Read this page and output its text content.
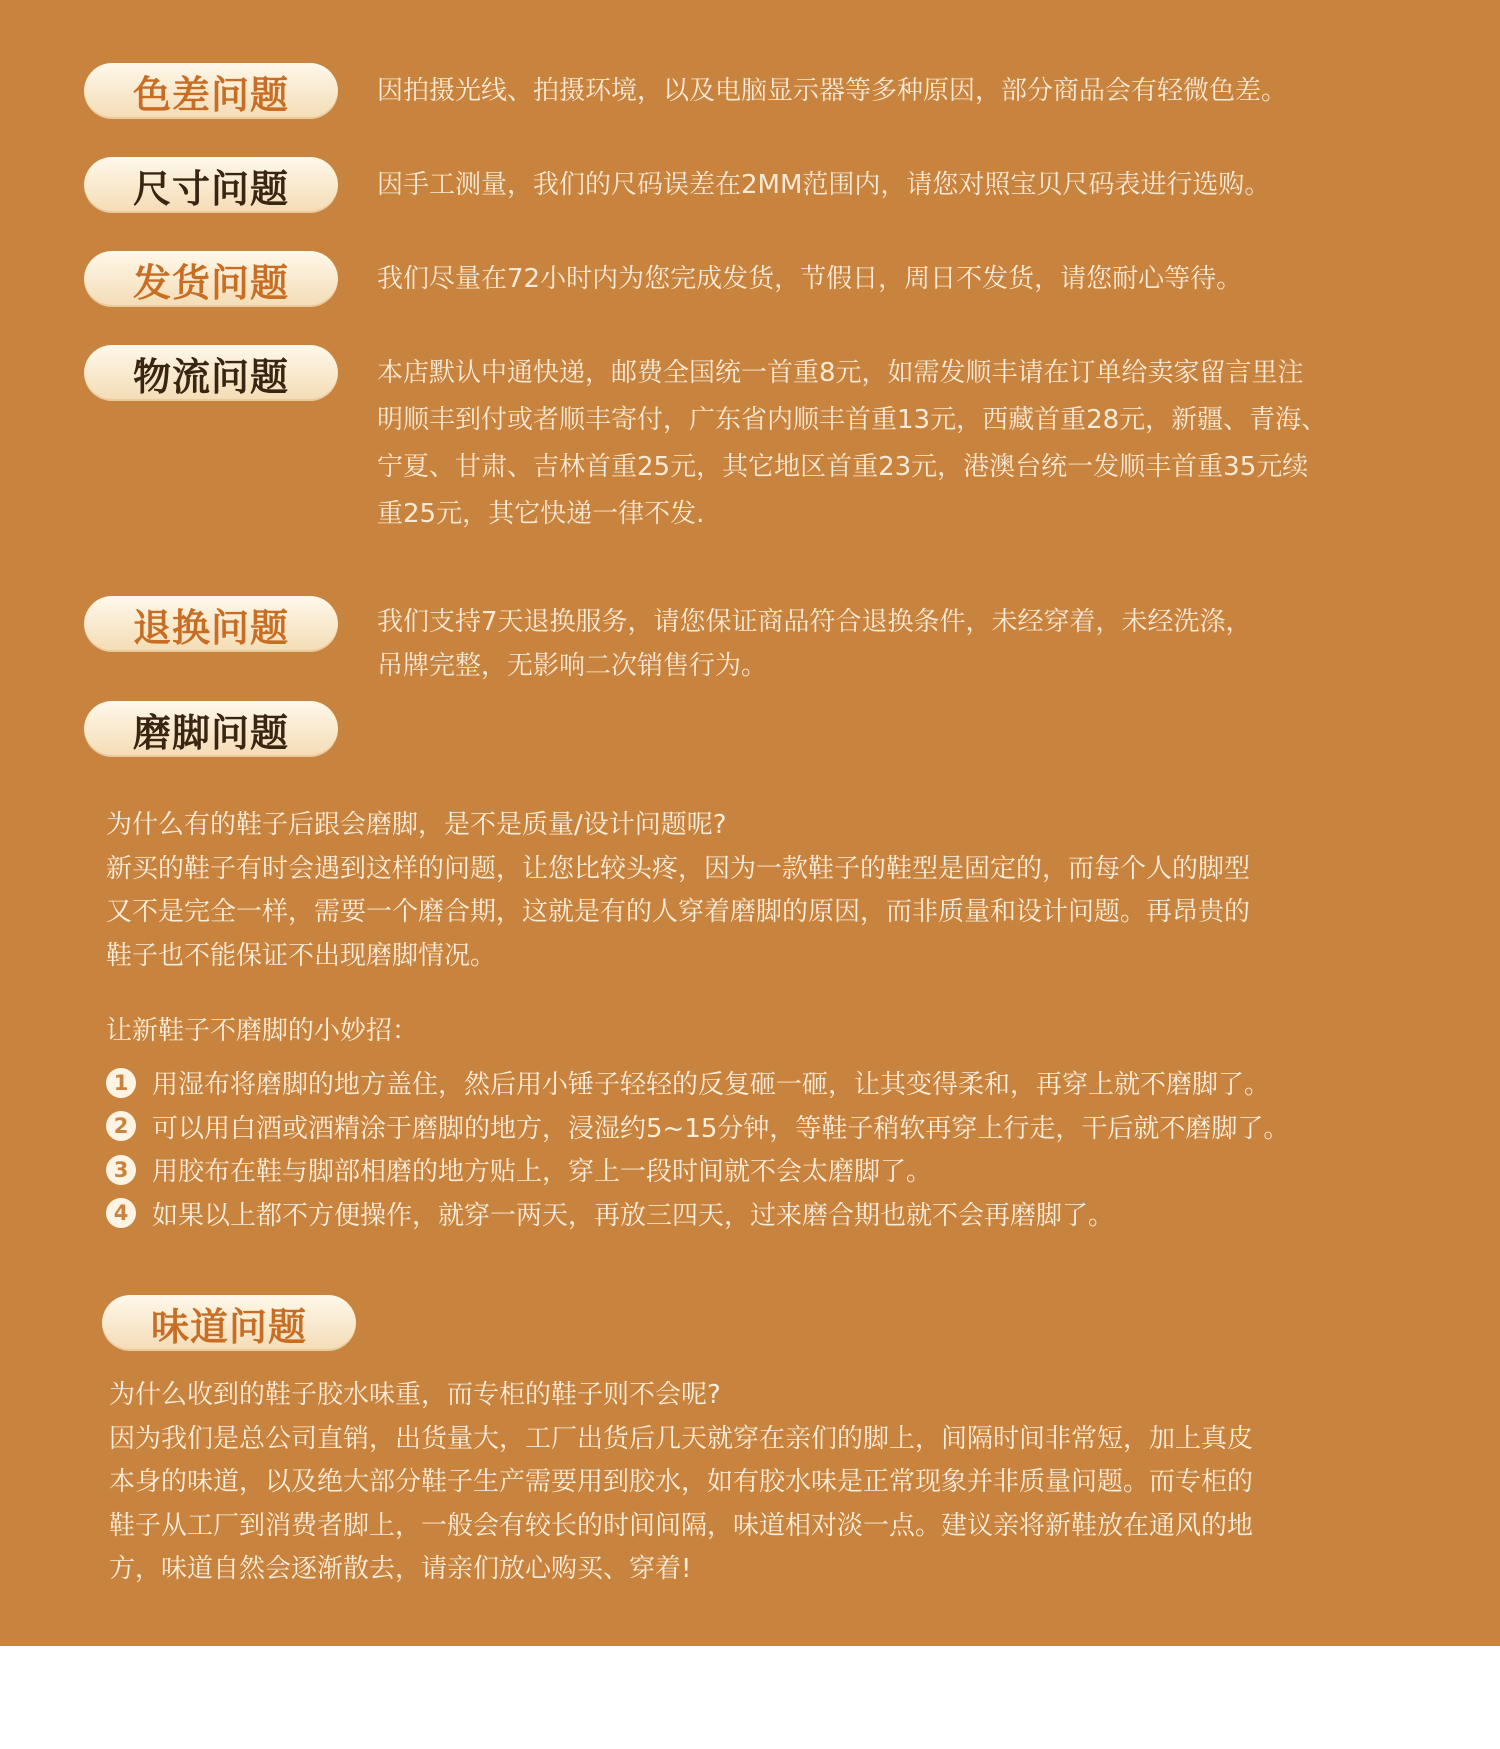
色差问题	因拍摄光线、拍摄环境，以及电脑显示器等多种原因，部分商品会有轻微色差。

尺寸问题	因手工测量，我们的尺码误差在2MM范围内，请您对照宝贝尺码表进行选购。

发货问题	我们尽量在72小时内为您完成发货，节假日，周日不发货，请您耐心等待。

物流问题	本店默认中通快递，邮费全国统一首重8元，如需发顺丰请在订单给卖家留言里注
明顺丰到付或者顺丰寄付，广东省内顺丰首重13元，西藏首重28元，新疆、青海、
宁夏、甘肃、吉林首重25元，其它地区首重23元，港澳台统一发顺丰首重35元续
重25元，其它快递一律不发.
退换问题	我们支持7天退换服务，请您保证商品符合退换条件，未经穿着，未经洗涤，
吊牌完整，无影响二次销售行为。
磨脚问题

为什么有的鞋子后跟会磨脚，是不是质量/设计问题呢?

新买的鞋子有时会遇到这样的问题，让您比较头疼，因为一款鞋子的鞋型是固定的，而每个人的脚型

又不是完全一样，需要一个磨合期，这就是有的人穿着磨脚的原因，而非质量和设计问题。再昂贵的

鞋子也不能保证不出现磨脚情况。

让新鞋子不磨脚的小妙招：

1 用湿布将磨脚的地方盖住，然后用小锤子轻轻的反复砸一砸，让其变得柔和，再穿上就不磨脚了。
2 可以用白酒或酒精涂于磨脚的地方，浸湿约5~15分钟，等鞋子稍软再穿上行走，干后就不磨脚了。
3 用胶布在鞋与脚部相磨的地方贴上，穿上一段时间就不会太磨脚了。
4 如果以上都不方便操作，就穿一两天，再放三四天，过来磨合期也就不会再磨脚了。
味道问题

为什么收到的鞋子胶水味重，而专柜的鞋子则不会呢?

因为我们是总公司直销，出货量大，工厂出货后几天就穿在亲们的脚上，间隔时间非常短，加上真皮

本身的味道，以及绝大部分鞋子生产需要用到胶水，如有胶水味是正常现象并非质量问题。而专柜的

鞋子从工厂到消费者脚上，一般会有较长的时间间隔，味道相对淡一点。建议亲将新鞋放在通风的地

方，味道自然会逐渐散去，请亲们放心购买、穿着!
